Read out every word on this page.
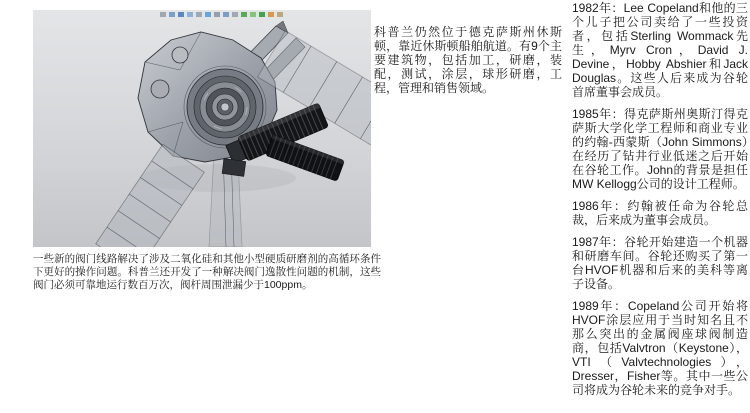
一些新的阀门线路解决了涉及二氧化硅和其他小型硬质研磨剂的高循环条件下更好的操作问题。科普兰还开发了一种解决阀门逸散性问题的机制，这些阀门必须可靠地运行数百万次，阀杆周围泄漏少于100ppm。

科普兰仍然位于德克萨斯州休斯顿，靠近休斯顿船舶航道。有9个主要建筑物，包括加工，研磨，装配，测试，涂层，球形研磨，工程，管理和销售领域。

1982年：Lee Copeland和他的三个儿子把公司卖给了一些投资者，包括Sterling Wommack先生，Myrv Cron，David J. Devine，Hobby Abshier和Jack Douglas。这些人后来成为谷轮首席董事会成员。

1985年：得克萨斯州奥斯汀得克萨斯大学化学工程师和商业专业的约翰-西蒙斯（John Simmons）在经历了钻井行业低迷之后开始在谷轮工作。John的背景是担任MW Kellogg公司的设计工程师。

1986年：约翰被任命为谷轮总裁，后来成为董事会成员。

1987年：谷轮开始建造一个机器和研磨车间。谷轮还购买了第一台HVOF机器和后来的美科等离子设备。

1989年：Copeland公司开始将HVOF涂层应用于当时知名且不那么突出的金属阀座球阀制造商，包括Valvtron（Keystone），VTI（Valvtechnologies），Dresser，Fisher等。其中一些公司将成为谷轮未来的竞争对手。
